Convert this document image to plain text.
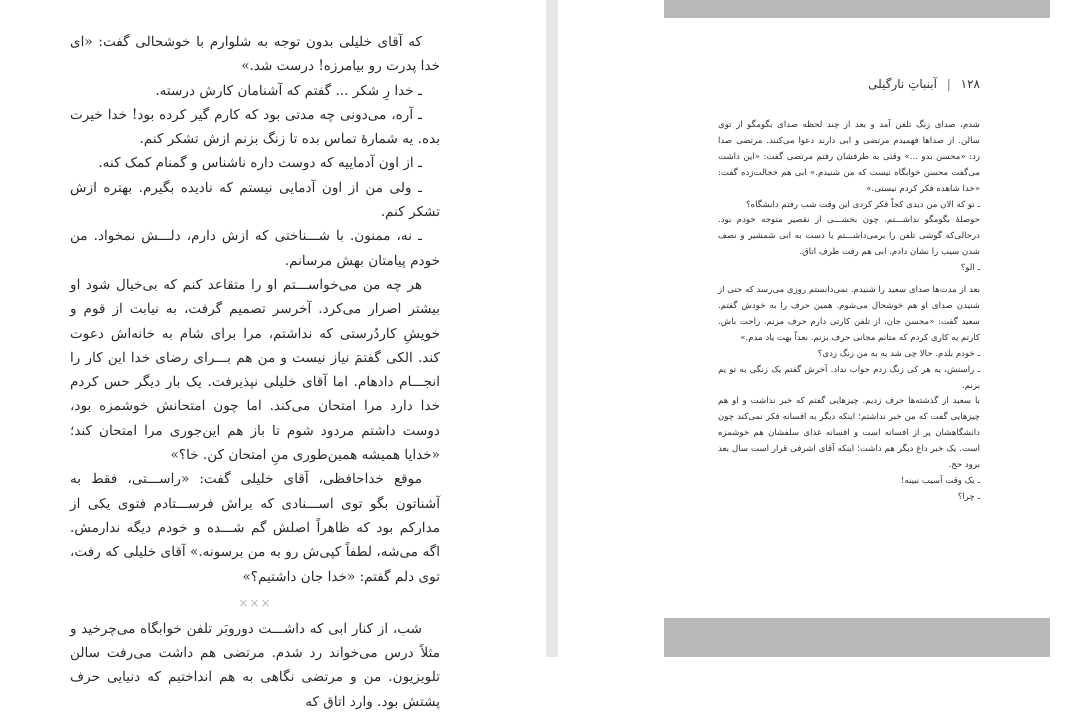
که آقای خلیلی بدون توجه به شلوارم با خوشحالی گفت: «ای خدا پدرت رو بیامرزه! درست شد.»

ـ خدا رِ شکر ... گفتم که آشنامان کارش درسته.

ـ آره، می‌دونی چه مدتی بود که کارم گیر کرده بود! خدا خیرت بده. یه شمارهٔ تماس بده تا زنگ بزنم ازش تشکر کنم.

ـ از اون آدماییه که دوست داره ناشناس و گمنام کمک کنه.

ـ ولی من از اون آدمایی نیستم که نادیده بگیرم. بهتره ازش تشکر کنم.

ـ نه، ممنون. با شـــناختی که ازش دارم، دلـــش نمخواد. من خودم پیامتان بهش مرسانم.

هر چه من می‌خواســـتم او را متقاعد کنم که بی‌خیال شود او بیشتر اصرار می‌کرد. آخرسر تصمیم گرفت، به نیابت از قوم و خویشِ کاردُرستی که نداشتم، مرا برای شام به خانه‌اش دعوت کند. الکی گفتمَ نیاز نیست و من هم بـــرای رضای خدا این کار را انجـــام دادهام. اما آقای خلیلی نپذیرفت. یک بار دیگر حس کردم خدا دارد مرا امتحان می‌کند. اما چون امتحانش خوشمزه بود، دوست داشتم مردود شوم تا باز هم این‌جوری مرا امتحان کند؛ «خدایا همیشه همین‌طوری منِ امتحان کن. خا؟»

موقع خداحافظی، آقای خلیلی گفت: «راســـتی، فقط به آشناتون بگو توی اســـنادی که براش فرســـتادم فتوی یکی از مدارکم بود که ظاهراً اصلش گم شـــده و خودم دیگه ندارمش. اگه می‌شه، لطفاً کپی‌ش رو به من برسونه.» آقای خلیلی که رفت، توی دلم گفتم: «خدا جان داشتیم؟»

×××

شب، از کنار ابی که داشـــت دوروبَر تلفن خوابگاه می‌چرخید و مثلاً درس می‌خواند رد شدم. مرتضی هم داشت می‌رفت سالن تلویزیون. من و مرتضی نگاهی به هم انداختیم که دنیایی حرف پشتش بود. وارد اتاق که

۱۲۸ | آبنباتِ نارگیلی

شدم، صدای زنگ تلفن آمد و بعد از چند لحظه صدای بگومگو از توی سالن. از صداها فهمیدم مرتضی و ابی دارند دعوا می‌کنند. مرتضی صدا زد: «محسن بدو ...» وقتی به طرفشان رفتم مرتضی گفت: «این داشت می‌گفت محسن خوابگاه نیست که من شنیدم.» ابی هم خجالت‌زده گفت: «خدا شاهده فکر کردم نیستی.»

ـ تو که الان من دیدی کجاً فکر کردی این وقت شب رفتم دانشگاه؟

حوصلهٔ بگومگو نداشـــتم. چون بخشـــی از تقصیر متوجه خودم بود. درحالی‌که گوشی تلفن را برمی‌داشـــتم با دست به ابی شمشیر و نصف شدن سیب را نشان دادم. ابی هم رفت طرف اتاق.

ـ الو؟

بعد از مدت‌ها صدای سعید را شنیدم. نمی‌دانستم روزی می‌رسد که حتی از شنیدن صدای او هم خوشحال می‌شوم. همین حرف را به خودش گفتم. سعید گفت: «محسن جان، از تلفن کارتی دارم حرف مزنم. راحت باش. کارتم یه کاری کردم که متانم مجانی حرف بزنم. بعداً بهت یاد مدم.»

ـ خودم بلدم. حالا چی شد یه به من زنگ زدی؟

ـ راستش، یه هر کی زنگ زدم جواب نداد. آخرش گفتم یک زنگی به تو یم بزنم.

با سعید از گذشته‌ها حرف زدیم. چیزهایی گفتم که خبر نداشت و او هم چیزهایی گفت که من خبر نداشتم؛ اینکه دیگر به افسانه فکر نمی‌کند چون دانشگاهشان پر از افسانه است و افسانه غذای سلفشان هم خوشمزه است. یک خبر داغ دیگر هم داشت؛ اینکه آقای اشرفی قرار است سال بعد برود حج.

ـ یک وقت آسیب نبینه!

ـ چرا؟
